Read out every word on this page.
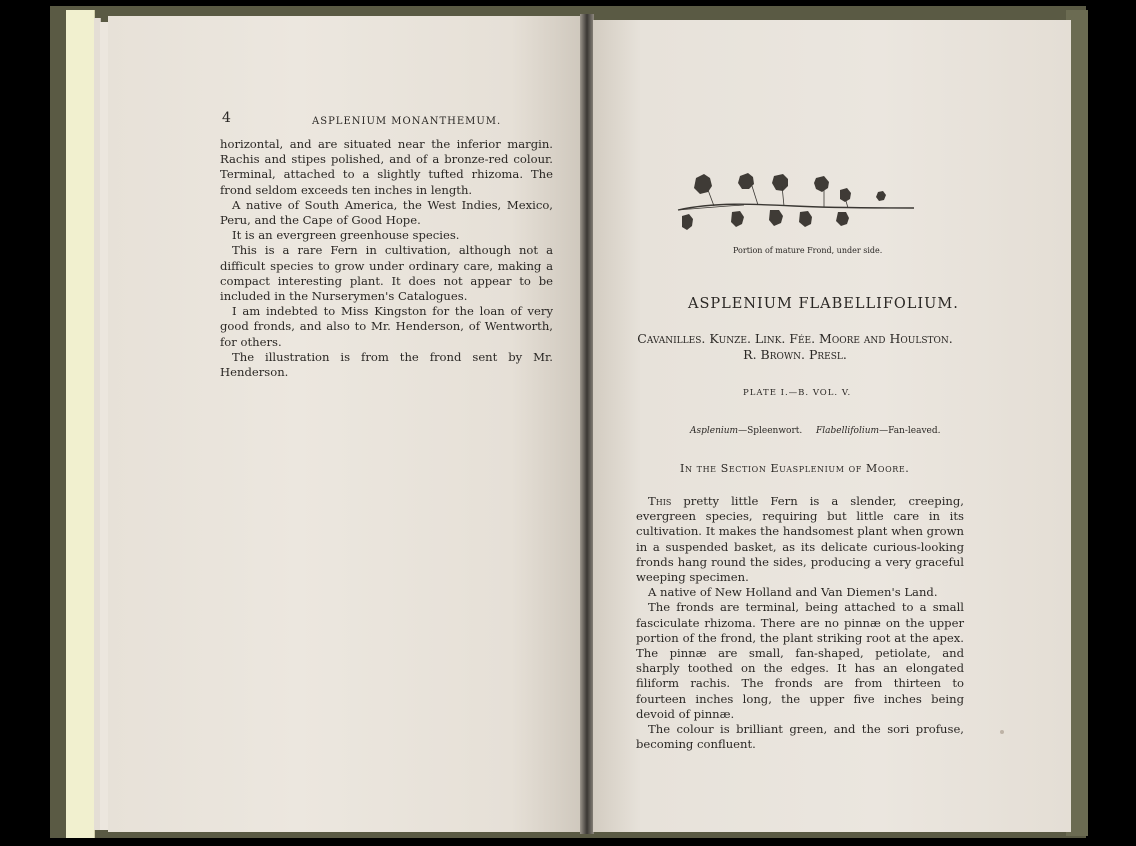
4	ASPLENIUM MONANTHEMUM.

horizontal, and are situated near the inferior margin. Rachis and stipes polished, and of a bronze-red colour. Terminal, attached to a slightly tufted rhizoma. The frond seldom exceeds ten inches in length.

A native of South America, the West Indies, Mexico, Peru, and the Cape of Good Hope.

It is an evergreen greenhouse species.

This is a rare Fern in cultivation, although not a difficult species to grow under ordinary care, making a compact interesting plant. It does not appear to be included in the Nurserymen's Catalogues.

I am indebted to Miss Kingston for the loan of very good fronds, and also to Mr. Henderson, of Wentworth, for others.

The illustration is from the frond sent by Mr. Henderson.

Portion of mature Frond, under side.
ASPLENIUM FLABELLIFOLIUM.
Cavanilles. Kunze. Link. Fée. Moore and Houlston.
R. Brown. Presl.
PLATE I.—B. VOL. V.
Asplenium—Spleenwort. Flabellifolium—Fan-leaved.
In the Section Euasplenium of Moore.

This pretty little Fern is a slender, creeping, evergreen species, requiring but little care in its cultivation. It makes the handsomest plant when grown in a suspended basket, as its delicate curious-looking fronds hang round the sides, producing a very graceful weeping specimen.

A native of New Holland and Van Diemen's Land.

The fronds are terminal, being attached to a small fasciculate rhizoma. There are no pinnæ on the upper portion of the frond, the plant striking root at the apex. The pinnæ are small, fan-shaped, petiolate, and sharply toothed on the edges. It has an elongated filiform rachis. The fronds are from thirteen to fourteen inches long, the upper five inches being devoid of pinnæ.

The colour is brilliant green, and the sori profuse, becoming confluent.
